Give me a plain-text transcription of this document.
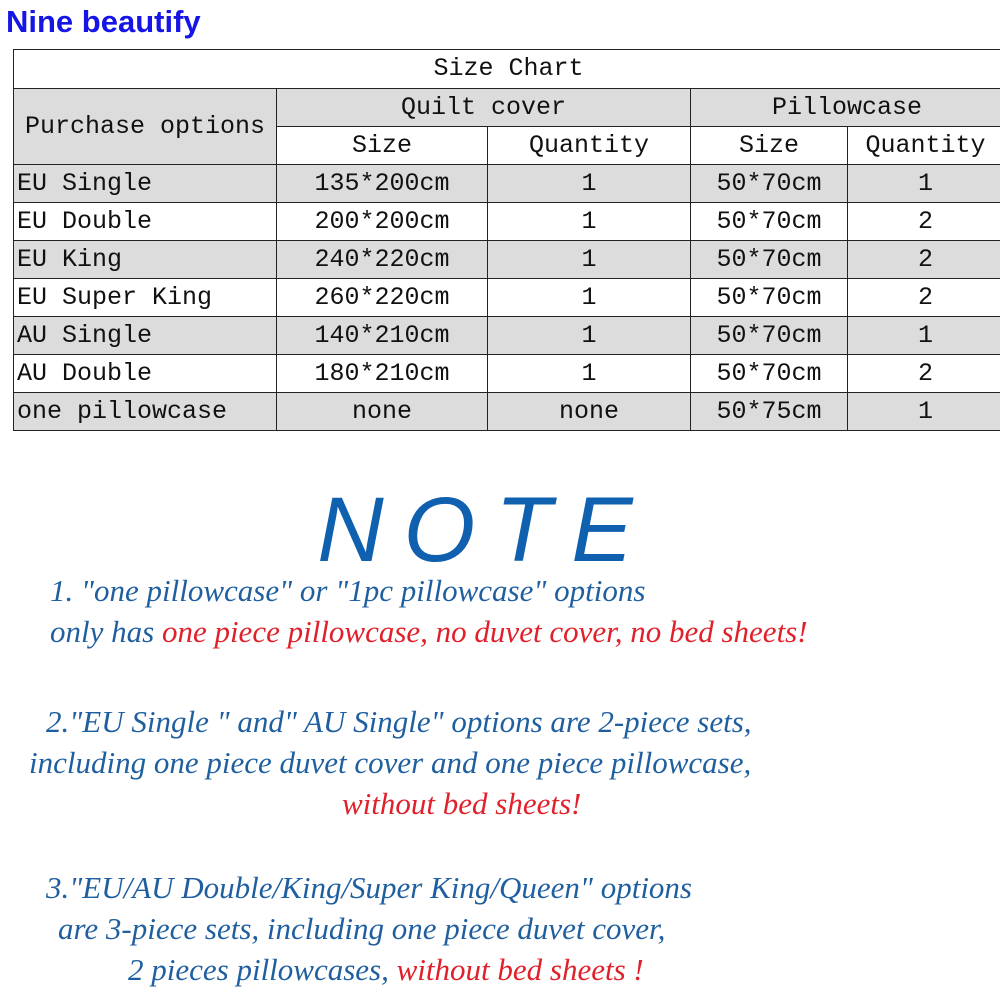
Nine beautify
Size Chart				
Purchase options	Quilt cover		Pillowcase	
	Size	Quantity	Size	Quantity
EU Single	135*200cm	1	50*70cm	1
EU Double	200*200cm	1	50*70cm	2
EU King	240*220cm	1	50*70cm	2
EU Super King	260*220cm	1	50*70cm	2
AU Single	140*210cm	1	50*70cm	1
AU Double	180*210cm	1	50*70cm	2
one pillowcase	none	none	50*75cm	1
NOTE
1. "one pillowcase" or "1pc pillowcase" options
only has one piece pillowcase, no duvet cover, no bed sheets!
2."EU Single " and" AU Single" options are 2-piece sets,
including one piece duvet cover and one piece pillowcase,
without bed sheets!
3."EU/AU Double/King/Super King/Queen" options
are 3-piece sets, including one piece duvet cover,
2 pieces pillowcases, without bed sheets !
